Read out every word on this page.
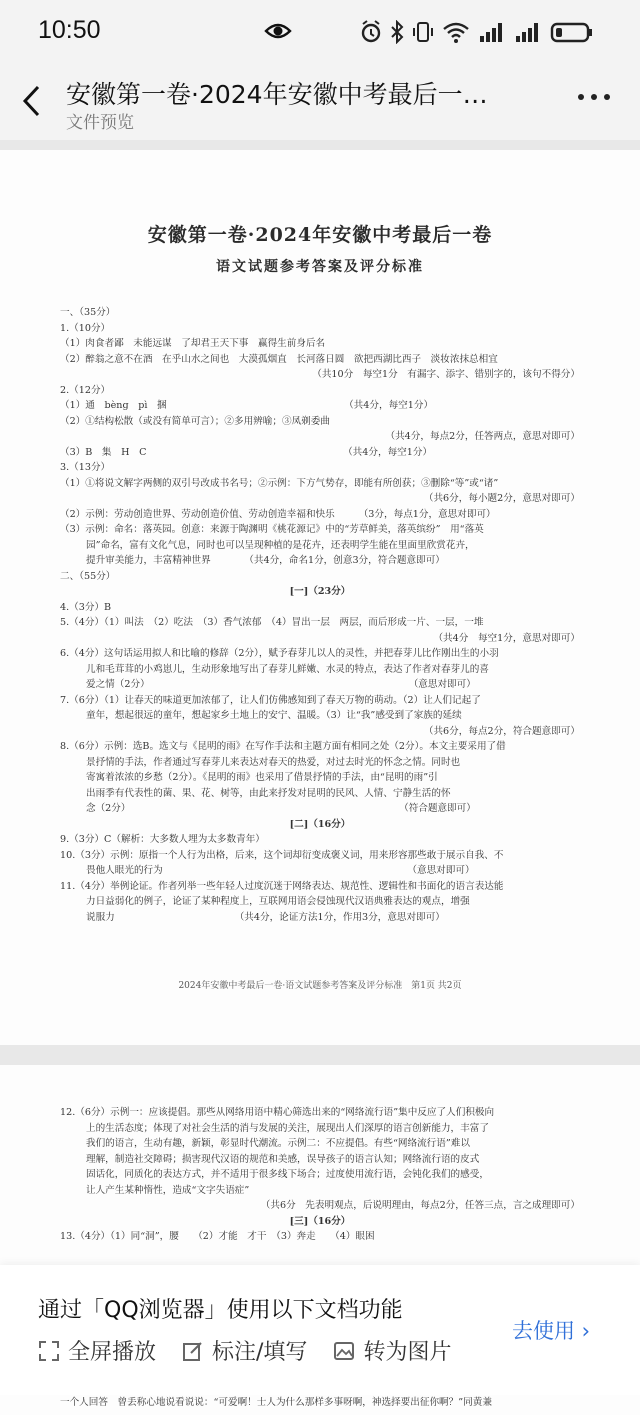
10:50
安徽第一卷·2024年安徽中考最后一…
文件预览
安徽第一卷·2024年安徽中考最后一卷
语文试题参考答案及评分标准
一、（35分）
1.（10分）
（1）肉食者鄙　未能远谋　了却君王天下事　赢得生前身后名
（2）醉翁之意不在酒　在乎山水之间也　大漠孤烟直　长河落日圆　欲把西湖比西子　淡妆浓抹总相宜
（共10分　每空1分　有漏字、添字、错别字的，该句不得分）
2.（12分）
（1）通　bèng　pì　捆　　　　　　　　　　　　　　　　　　　（共4分，每空1分）
（2）①结构松散（或没有简单可言）；②多用辨喻；③凤剃委曲
（共4分，每点2分，任答两点，意思对即可）
（3）B　集　H　C　　　　　　　　　　　　　　　　　　　　　（共4分，每空1分）
3.（13分）
（1）①将说文解字两侧的双引号改成书名号；②示例：下方气势存，即能有所创获；③删除“等”或“诸”
（共6分，每小题2分，意思对即可）
（2）示例：劳动创造世界、劳动创造价值、劳动创造幸福和快乐　　　（3分，每点1分，意思对即可）
（3）示例：命名：落英园。创意：来源于陶渊明《桃花源记》中的“芳草鲜美，落英缤纷”　用“落英
园”命名，富有文化气息，同时也可以呈现种植的是花卉，还表明学生能在里面里欣赏花卉，
提升审美能力，丰富精神世界　　　　（共4分，命名1分，创意3分，符合题意即可）
二、（55分）
[一]（23分）
4.（3分）B
5.（4分）（1）叫法　（2）吃法　（3）香气浓郁　（4）冒出一层　两层，而后形成一片、一层，一堆
（共4分　每空1分，意思对即可）
6.（4分）这句话运用拟人和比喻的修辞（2分），赋予春芽儿以人的灵性，并把春芽儿比作刚出生的小羽
儿和毛茸茸的小鸡崽儿，生动形象地写出了春芽儿鲜嫩、水灵的特点，表达了作者对春芽儿的喜
爱之情（2分）　　　　　　　　　　　　　　　　　　　　　　　　　　　　（意思对即可）
7.（6分）（1）让春天的味道更加浓郁了，让人们仿佛感知到了春天万物的萌动。（2）让人们记起了
童年，想起很远的童年，想起家乡土地上的安宁、温暖。（3）让“我”感受到了家族的延续
（共6分，每点2分，符合题意即可）
8.（6分）示例：选B。选文与《昆明的雨》在写作手法和主题方面有相同之处（2分）。本文主要采用了借
景抒情的手法，作者通过写春芽儿来表达对春天的热爱，对过去时光的怀念之情。同时也
寄寓着浓浓的乡愁（2分）。《昆明的雨》也采用了借景抒情的手法，由“昆明的雨”引
出雨季有代表性的菌、果、花、树等，由此来抒发对昆明的民风、人情、宁静生活的怀
念（2分）　　　　　　　　　　　　　　　　　　　　　　　　　　　　　（符合题意即可）
[二]（16分）
9.（3分）C（解析：大多数人埋为太多数青年）
10.（3分）示例：原指一个人行为出格，后来，这个词却衍变成褒义词，用来形容那些敢于展示自我、不
畏他人眼光的行为　　　　　　　　　　　　　　　　　　　　　　　　　　（意思对即可）
11.（4分）举例论证。作者列举一些年轻人过度沉迷于网络表达、规范性、逻辑性和书面化的语言表达能
力日益弱化的例子，论证了某种程度上，互联网用语会侵蚀现代汉语典雅表达的观点，增强
说服力　　　　　　　　　　　　　（共4分，论证方法1分，作用3分，意思对即可）
2024年安徽中考最后一卷·语文试题参考答案及评分标准　第1页 共2页
12.（6分）示例一：应该提倡。那些从网络用语中精心筛选出来的“网络流行语”集中反应了人们积极向
上的生活态度；体现了对社会生活的消与发展的关注，展现出人们深厚的语言创新能力，丰富了
我们的语言，生动有趣，新颖，彰显时代潮流。示例二：不应提倡。有些“网络流行语”难以
理解，制造社交障碍；损害现代汉语的规范和美感，误导孩子的语言认知；网络流行语的皮式
固话化，同质化的表达方式，并不适用于很多线下场合；过度使用流行语，会钝化我们的感受，
让人产生某种惰性，造成“文字失语症”
（共6分　先表明观点，后说明理由，每点2分，任答三点，言之成理即可）
[三]（16分）
13.（4分）（1）同“洞”，腰　　（2）才能　才干　（3）奔走　　（4）眼困
通过「QQ浏览器」使用以下文档功能
去使用 ›
全屏播放	标注/填写	转为图片
一个人回答　曾丢称心地说看说说：“可爱啊！士人为什么那样多事呀啊，神选择要出征你啊？”同黄兼
